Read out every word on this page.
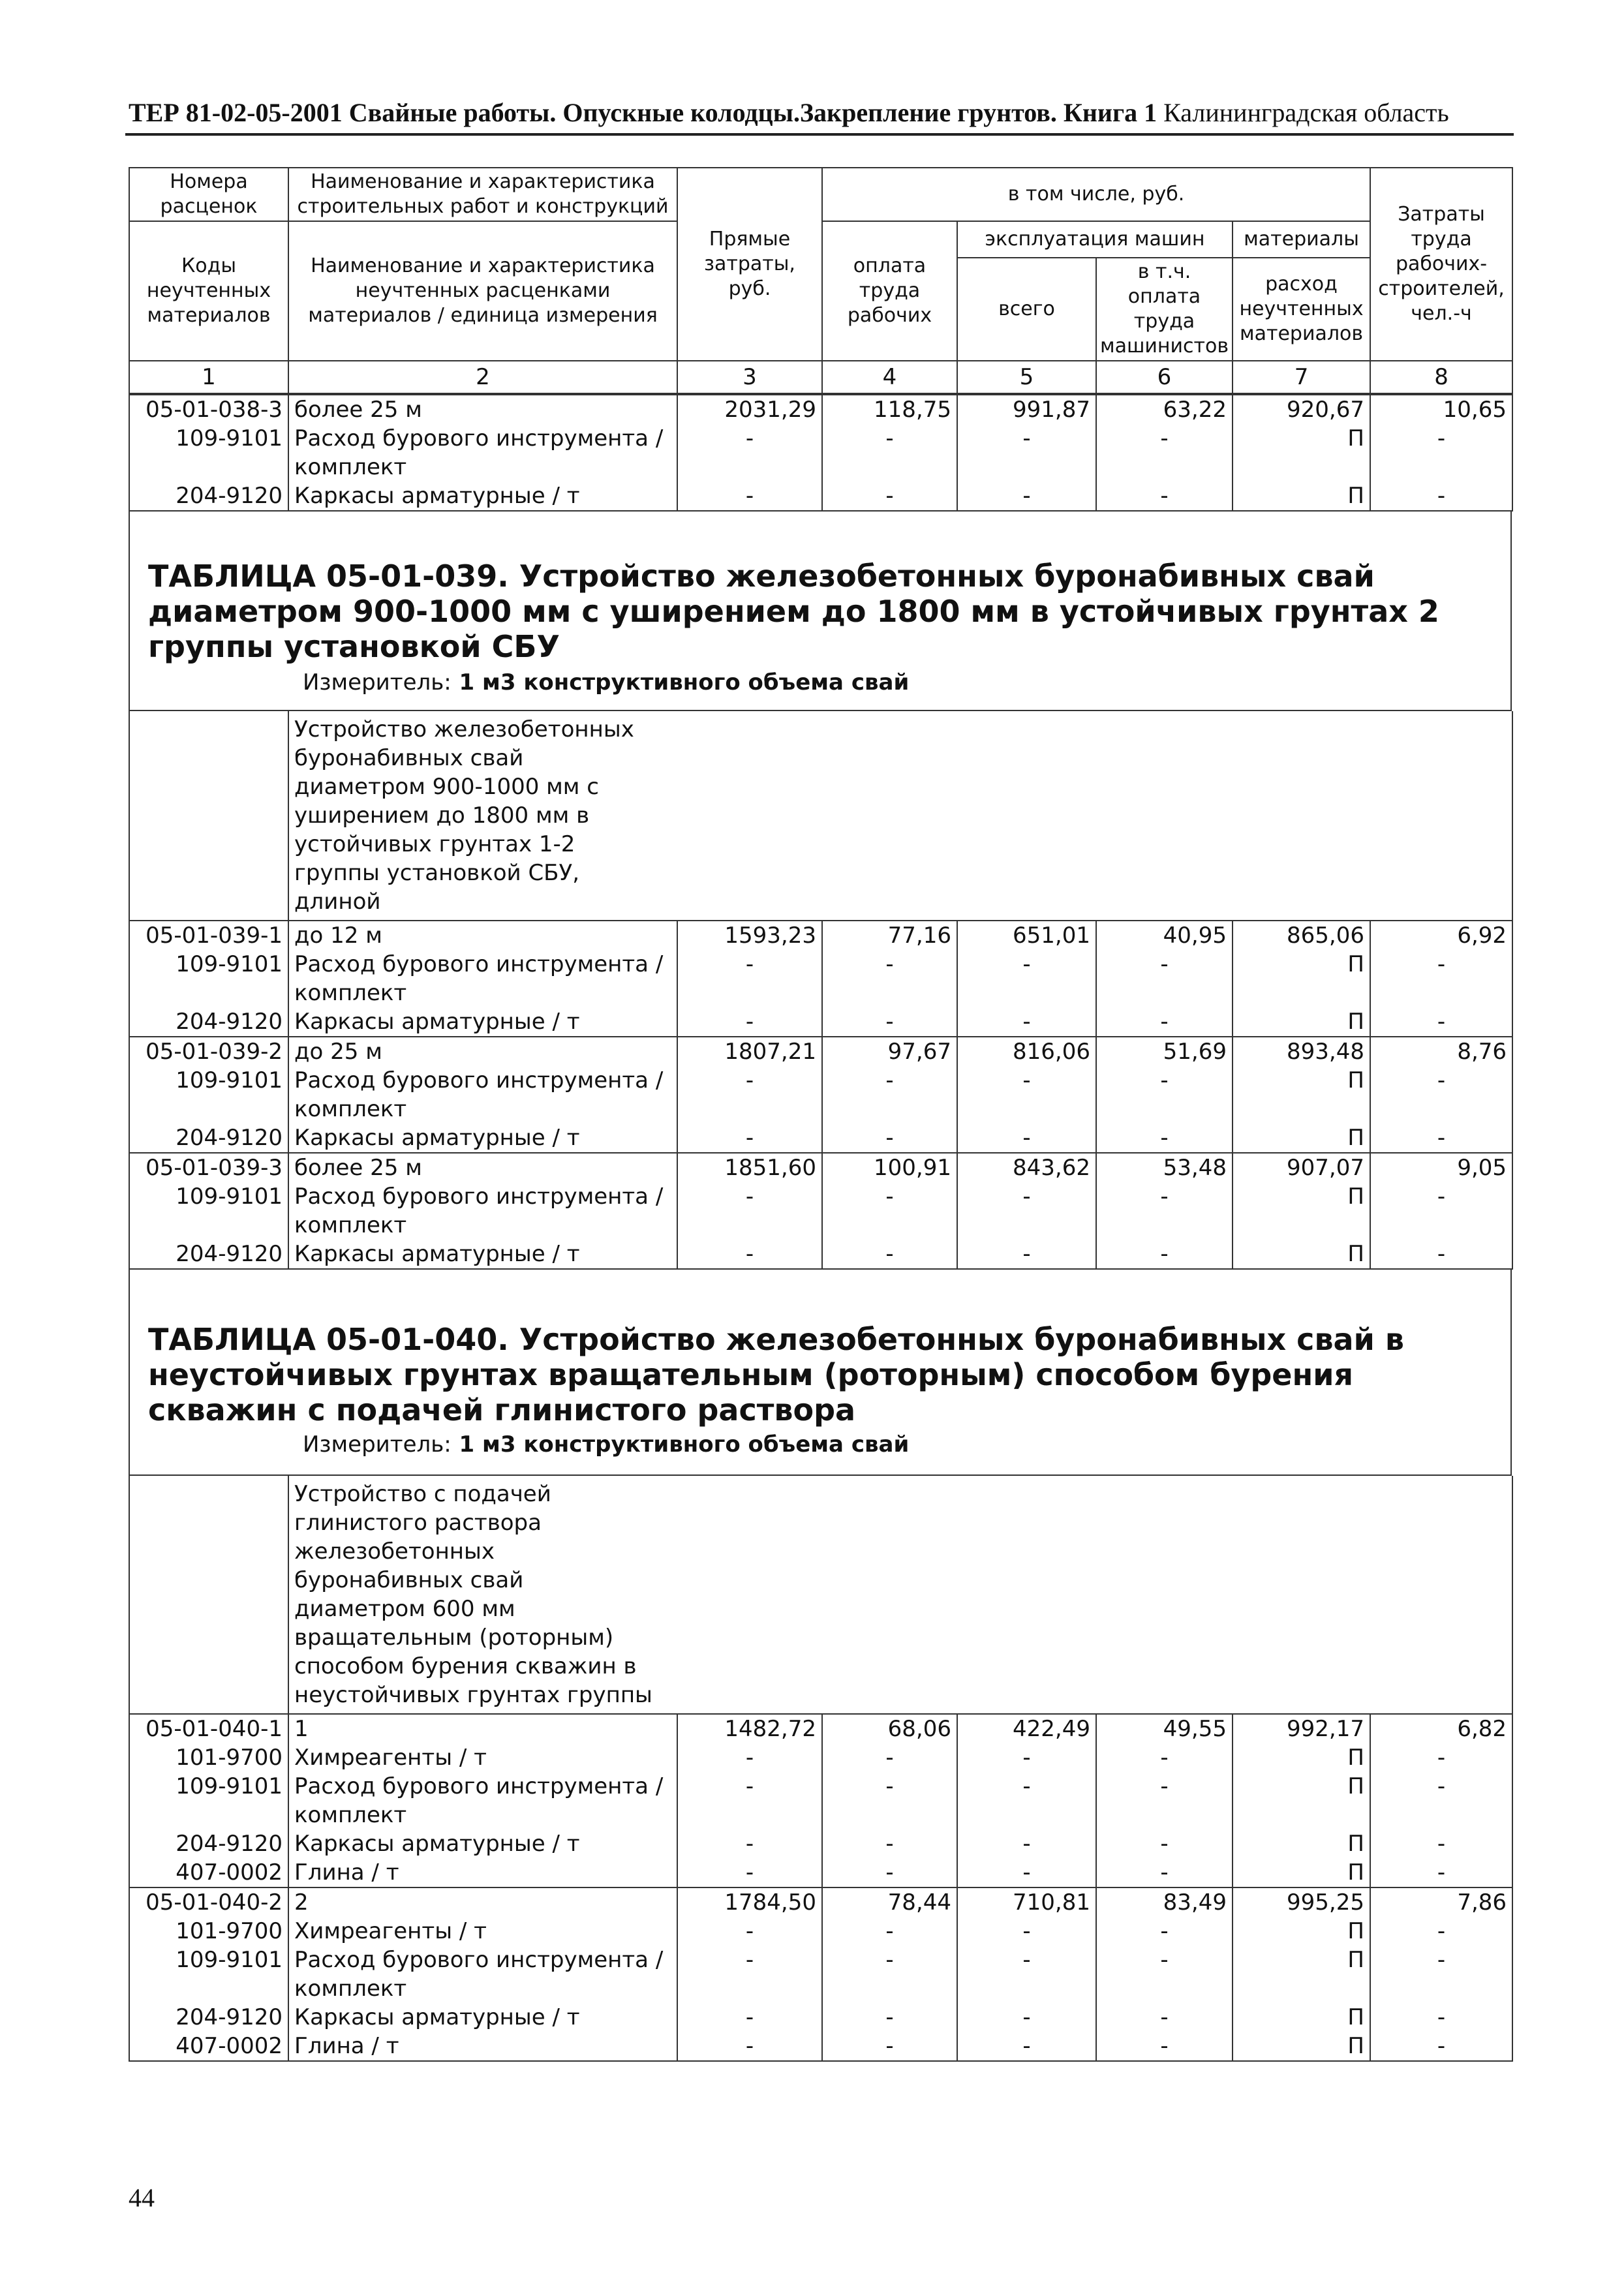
ТЕР 81-02-05-2001 Свайные работы. Опускные колодцы.Закрепление грунтов. Книга 1 Калининградская область
Номера расценок	Наименование и характеристика строительных работ и конструкций	Прямые затраты, руб.	в том числе, руб.				Затраты труда рабочих-строителей, чел.-ч
Коды неучтенных материалов	Наименование и характеристика неучтенных расценками материалов / единица измерения		оплата труда рабочих	эксплуатация машин		материалы	
				всего	в т.ч. оплата труда машинистов	расход неучтенных материалов	

1	2	3	4	5	6	7	8
05-01-038-3	более 25 м	2031,29	118,75	991,87	63,22	920,67	10,65
109-9101	Расход бурового инструмента / комплект	-	-	-	-	П	-
204-9120	Каркасы арматурные / т	-	-	-	-	П	-
ТАБЛИЦА 05-01-039. Устройство железобетонных буронабивных свай диаметром 900-1000 мм с уширением до 1800 мм в устойчивых грунтах 2 группы установкой СБУ
Измеритель: 1 м3 конструктивного объема свай

	Устройство железобетонных буронабивных свай диаметром 900-1000 мм с уширением до 1800 мм в устойчивых грунтах 1-2 группы установкой СБУ, длиной						

05-01-039-1	до 12 м	1593,23	77,16	651,01	40,95	865,06	6,92
109-9101	Расход бурового инструмента / комплект	-	-	-	-	П	-
204-9120	Каркасы арматурные / т	-	-	-	-	П	-
05-01-039-2	до 25 м	1807,21	97,67	816,06	51,69	893,48	8,76
109-9101	Расход бурового инструмента / комплект	-	-	-	-	П	-
204-9120	Каркасы арматурные / т	-	-	-	-	П	-
05-01-039-3	более 25 м	1851,60	100,91	843,62	53,48	907,07	9,05
109-9101	Расход бурового инструмента / комплект	-	-	-	-	П	-
204-9120	Каркасы арматурные / т	-	-	-	-	П	-
ТАБЛИЦА 05-01-040. Устройство железобетонных буронабивных свай в неустойчивых грунтах вращательным (роторным) способом бурения скважин с подачей глинистого раствора
Измеритель: 1 м3 конструктивного объема свай

	Устройство с подачей глинистого раствора железобетонных буронабивных свай диаметром 600 мм вращательным (роторным) способом бурения скважин в неустойчивых грунтах группы						

05-01-040-1	1	1482,72	68,06	422,49	49,55	992,17	6,82
101-9700	Химреагенты / т	-	-	-	-	П	-
109-9101	Расход бурового инструмента / комплект	-	-	-	-	П	-
204-9120	Каркасы арматурные / т	-	-	-	-	П	-
407-0002	Глина / т	-	-	-	-	П	-
05-01-040-2	2	1784,50	78,44	710,81	83,49	995,25	7,86
101-9700	Химреагенты / т	-	-	-	-	П	-
109-9101	Расход бурового инструмента / комплект	-	-	-	-	П	-
204-9120	Каркасы арматурные / т	-	-	-	-	П	-
407-0002	Глина / т	-	-	-	-	П	-
44
